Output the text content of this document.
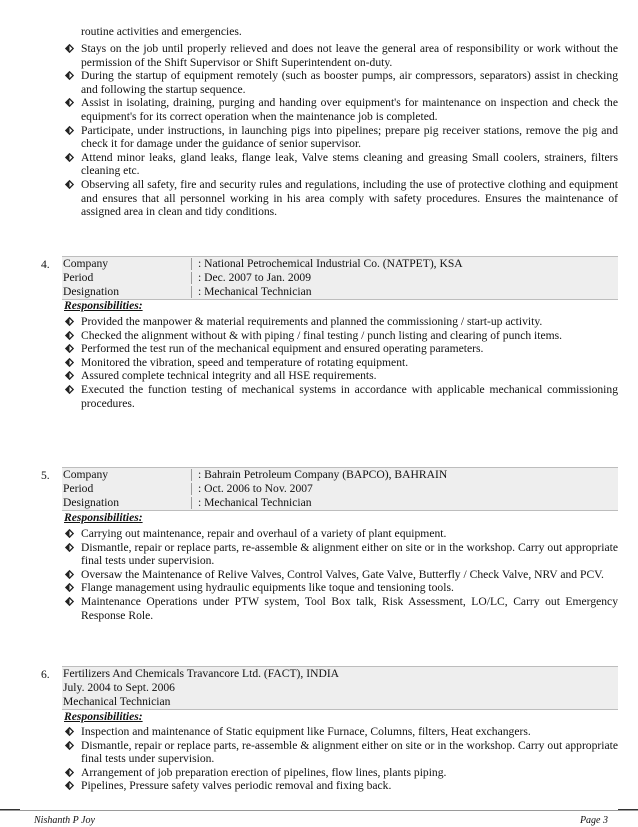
routine activities and emergencies.
Stays on the job until properly relieved and does not leave the general area of responsibility or work without the permission of the Shift Supervisor or Shift Superintendent on-duty.
During the startup of equipment remotely (such as booster pumps, air compressors, separators) assist in checking and following the startup sequence.
Assist in isolating, draining, purging and handing over equipment's for maintenance on inspection and check the equipment's for its correct operation when the maintenance job is completed.
Participate, under instructions, in launching pigs into pipelines; prepare pig receiver stations, remove the pig and check it for damage under the guidance of senior supervisor.
Attend minor leaks, gland leaks, flange leak, Valve stems cleaning and greasing Small coolers, strainers, filters cleaning etc.
Observing all safety, fire and security rules and regulations, including the use of protective clothing and equipment and ensures that all personnel working in his area comply with safety procedures. Ensures the maintenance of assigned area in clean and tidy conditions.
4. Company	: National Petrochemical Industrial Co. (NATPET), KSA
Period	: Dec. 2007 to Jan. 2009
Designation	: Mechanical Technician
Responsibilities:
Provided the manpower & material requirements and planned the commissioning / start-up activity.
Checked the alignment without & with piping / final testing / punch listing and clearing of punch items.
Performed the test run of the mechanical equipment and ensured operating parameters.
Monitored the vibration, speed and temperature of rotating equipment.
Assured complete technical integrity and all HSE requirements.
Executed the function testing of mechanical systems in accordance with applicable mechanical commissioning procedures.
5. Company	: Bahrain Petroleum Company (BAPCO), BAHRAIN
Period	: Oct. 2006 to Nov. 2007
Designation	: Mechanical Technician
Responsibilities:
Carrying out maintenance, repair and overhaul of a variety of plant equipment.
Dismantle, repair or replace parts, re-assemble & alignment either on site or in the workshop. Carry out appropriate final tests under supervision.
Oversaw the Maintenance of Relive Valves, Control Valves, Gate Valve, Butterfly / Check Valve, NRV and PCV.
Flange management using hydraulic equipments like toque and tensioning tools.
Maintenance Operations under PTW system, Tool Box talk, Risk Assessment, LO/LC, Carry out Emergency Response Role.
6. Fertilizers And Chemicals Travancore Ltd. (FACT), INDIA
July. 2004 to Sept. 2006
Mechanical Technician
Responsibilities:
Inspection and maintenance of Static equipment like Furnace, Columns, filters, Heat exchangers.
Dismantle, repair or replace parts, re-assemble & alignment either on site or in the workshop. Carry out appropriate final tests under supervision.
Arrangement of job preparation erection of pipelines, flow lines, plants piping.
Pipelines, Pressure safety valves periodic removal and fixing back.
Nishanth P Joy	Page 3
